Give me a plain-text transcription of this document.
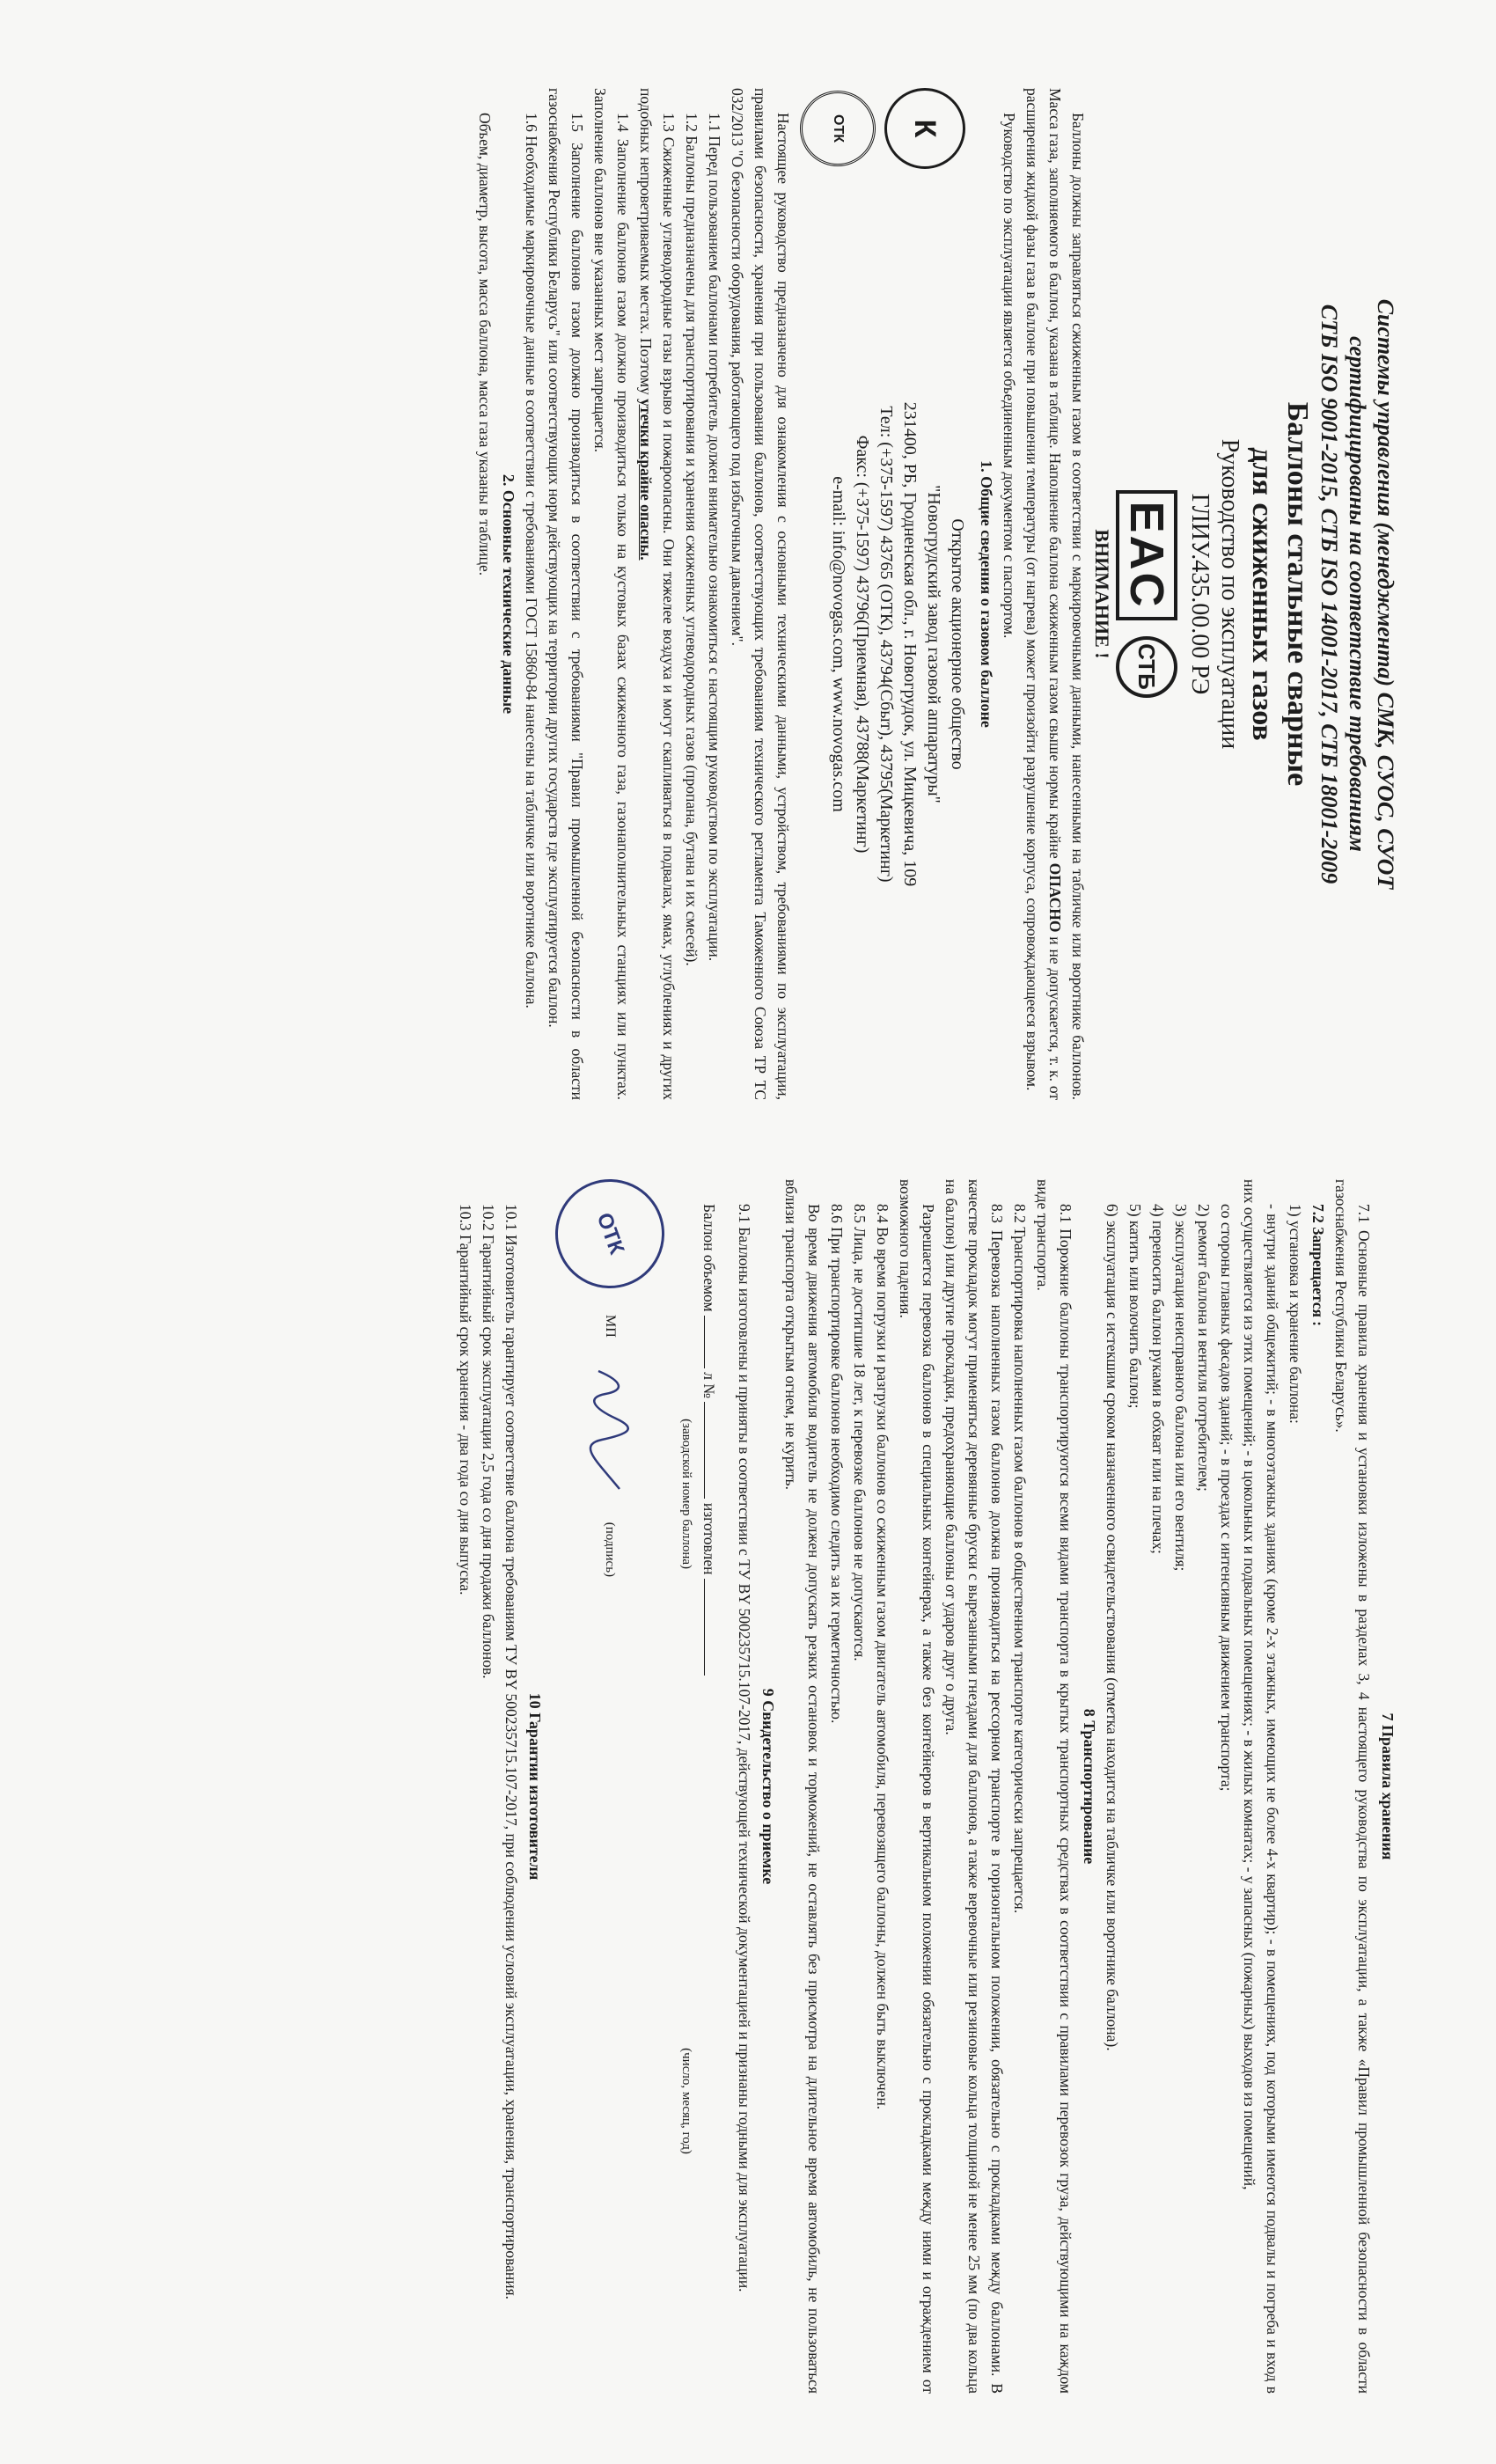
Системы управления (менеджмента) СМК, СУОС, СУОТ

сертифицированы на соответствие требованиям

СТБ ISO 9001-2015, СТБ ISO 14001-2017, СТБ 18001-2009

Баллоны стальные сварные

для сжиженных газов

Руководство по эксплуатации

ГЛИУ.435.00.00 РЭ

EAC
СТБ

ВНИМАНИЕ !

Баллоны должны заправляться сжиженным газом в соответствии с маркировочными данными, нанесенными на табличке или воротнике баллонов. Масса газа, заполняемого в баллон, указана в таблице. Наполнение баллона сжиженным газом свыше нормы крайне ОПАСНО и не допускается, т. к. от расширения жидкой фазы газа в баллоне при повышении температуры (от нагрева) может произойти разрушение корпуса, сопровождающееся взрывом.

Руководство по эксплуатации является объединенным документом с паспортом.

1. Общие сведения о газовом баллоне

К
ОТК
Открытое акционерное общество
"Новогрудский завод газовой аппаратуры"
231400, РБ, Гродненская обл., г. Новогрудок, ул. Мицкевича, 109
Тел: (+375-1597) 43765 (ОТК), 43794(Сбыт), 43795(Маркетинг)
Факс: (+375-1597) 43796(Приемная), 43788(Маркетинг)
e-mail: info@novogas.com, www.novogas.com

Настоящее руководство предназначено для ознакомления с основными техническими данными, устройством, требованиями по эксплуатации, правилами безопасности, хранения при пользовании баллонов, соответствующих требованиям технического регламента Таможенного Союза ТР ТС 032/2013 "О безопасности оборудования, работающего под избыточным давлением".

1.1 Перед пользованием баллонами потребитель должен внимательно ознакомиться с настоящим руководством по эксплуатации.

1.2 Баллоны предназначены для транспортирования и хранения сжиженных углеводородных газов (пропана, бутана и их смесей).

1.3 Сжиженные углеводородные газы взрыво и пожароопасны. Они тяжелее воздуха и могут скапливаться в подвалах, ямах, углублениях и других подобных непроветриваемых местах. Поэтому утечки крайне опасны.

1.4 Заполнение баллонов газом должно производиться только на кустовых базах сжиженного газа, газонаполнительных станциях или пунктах. Заполнение баллонов вне указанных мест запрещается.

1.5 Заполнение баллонов газом должно производиться в соответствии с требованиями "Правил промышленной безопасности в области газоснабжения Республики Беларусь" или соответствующих норм действующих на территории других государств где эксплуатируется баллон.

1.6 Необходимые маркировочные данные в соответствии с требованиями ГОСТ 15860-84 нанесены на табличке или воротнике баллона.

2. Основные технические данные

Объем, диаметр, высота, масса баллона, масса газа указаны в таблице.

7 Правила хранения

7.1 Основные правила хранения и установки изложены в разделах 3, 4 настоящего руководства по эксплуатации, а также «Правил промышленной безопасности в области газоснабжения Республики Беларусь».

7.2 Запрещается :

1) установка и хранение баллона:

- внутри зданий общежитий; - в многоэтажных зданиях (кроме 2-х этажных, имеющих не более 4-х квартир); - в помещениях, под которыми имеются подвалы и погреба и вход в них осуществляется из этих помещений; - в цокольных и подвальных помещениях; - в жилых комнатах; - у запасных (пожарных) выходов из помещений,

со стороны главных фасадов зданий; - в проездах с интенсивным движением транспорта;

2) ремонт баллона и вентиля потребителем;

3) эксплуатация неисправного баллона или его вентиля;

4) переносить баллон руками в обхват или на плечах;

5) катить или волочить баллон;

6) эксплуатация с истекшим сроком назначенного освидетельствования (отметка находится на табличке или воротнике баллона).

8 Транспортирование

8.1 Порожние баллоны транспортируются всеми видами транспорта в крытых транспортных средствах в соответствии с правилами перевозок груза, действующими на каждом виде транспорта.

8.2 Транспортировка наполненных газом баллонов в общественном транспорте категорически запрещается.

8.3 Перевозка наполненных газом баллонов должна производиться на рессорном транспорте в горизонтальном положении, обязательно с прокладками между баллонами. В качестве прокладок могут применяться деревянные бруски с вырезанными гнездами для баллонов, а также веревочные или резиновые кольца толщиной не менее 25 мм (по два кольца на баллон) или другие прокладки, предохраняющие баллоны от ударов друг о друга.

Разрешается перевозка баллонов в специальных контейнерах, а также без контейнеров в вертикальном положении обязательно с прокладками между ними и ограждением от возможного падения.

8.4 Во время погрузки и разгрузки баллонов со сжиженным газом двигатель автомобиля, перевозящего баллоны, должен быть выключен.

8.5 Лица, не достигшие 18 лет, к перевозке баллонов не допускаются.

8.6 При транспортировке баллонов необходимо следить за их герметичностью.

Во время движения автомобиля водитель не должен допускать резких остановок и торможений, не оставлять без присмотра на длительное время автомобиль, не пользоваться вблизи транспорта открытым огнем, не курить.

9 Свидетельство о приемке

9.1 Баллоны изготовлены и приняты в соответствии с ТУ BY 500235715.107-2017, действующей технической документацией и признаны годными для эксплуатации.

Баллон объемом  л №  изготовлен

(заводской номер баллона)
(число, месяц, год)

ОТК
МП
(подпись)

10 Гарантии изготовителя

10.1 Изготовитель гарантирует соответствие баллона требованиям ТУ BY 500235715.107-2017, при соблюдении условий эксплуатации, хранения, транспортирования.

10.2 Гарантийный срок эксплуатации 2,5 года со дня продажи баллонов.

10.3 Гарантийный срок хранения - два года со дня выпуска.
